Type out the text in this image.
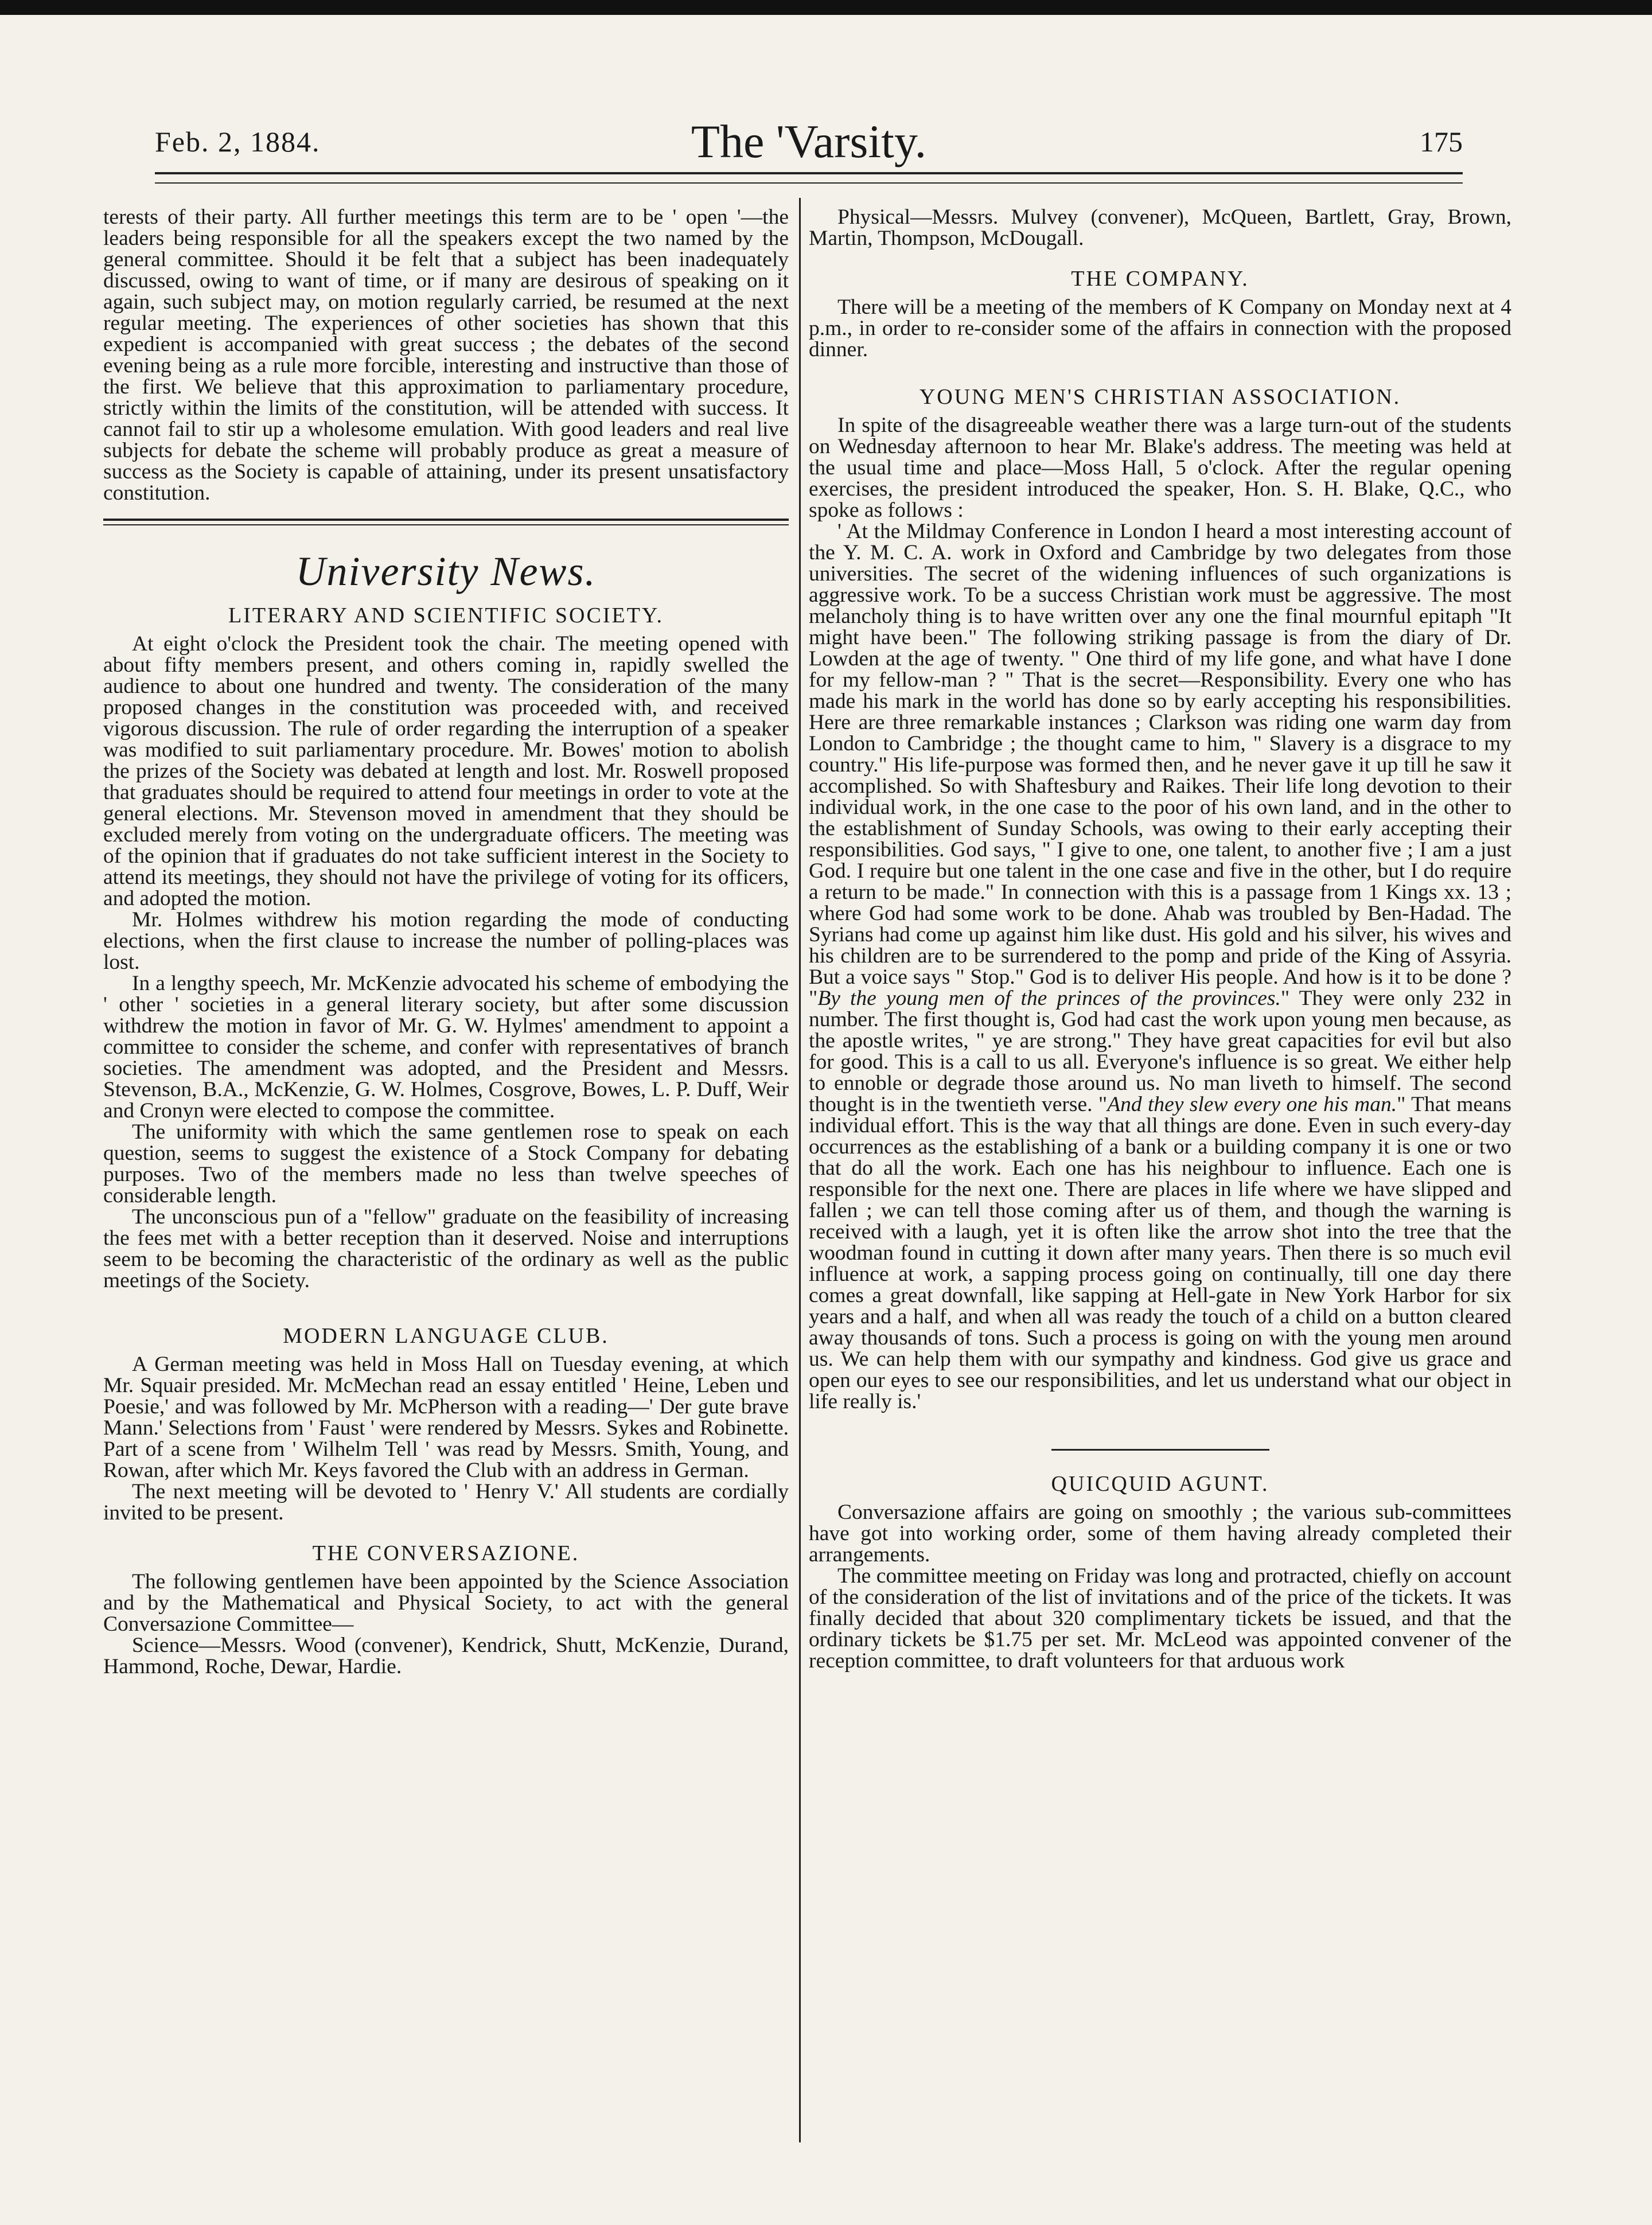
Feb. 2, 1884.	The 'Varsity.	175

terests of their party. All further meetings this term are to be ' open '—the leaders being responsible for all the speakers except the two named by the general committee. Should it be felt that a subject has been inadequately discussed, owing to want of time, or if many are desirous of speaking on it again, such subject may, on motion regularly carried, be resumed at the next regular meeting. The experiences of other societies has shown that this expedient is accompanied with great success ; the debates of the second evening being as a rule more forcible, interesting and instructive than those of the first. We believe that this approximation to parliamentary procedure, strictly within the limits of the constitution, will be attended with success. It cannot fail to stir up a wholesome emulation. With good leaders and real live subjects for debate the scheme will probably produce as great a measure of success as the Society is capable of attaining, under its present unsatisfactory constitution.

University News.
LITERARY AND SCIENTIFIC SOCIETY.

At eight o'clock the President took the chair. The meeting opened with about fifty members present, and others coming in, rapidly swelled the audience to about one hundred and twenty. The consideration of the many proposed changes in the constitution was proceeded with, and received vigorous discussion. The rule of order regarding the interruption of a speaker was modified to suit parliamentary procedure. Mr. Bowes' motion to abolish the prizes of the Society was debated at length and lost. Mr. Roswell proposed that graduates should be required to attend four meetings in order to vote at the general elections. Mr. Stevenson moved in amendment that they should be excluded merely from voting on the undergraduate officers. The meeting was of the opinion that if graduates do not take sufficient interest in the Society to attend its meetings, they should not have the privilege of voting for its officers, and adopted the motion.

Mr. Holmes withdrew his motion regarding the mode of conducting elections, when the first clause to increase the number of polling-places was lost.

In a lengthy speech, Mr. McKenzie advocated his scheme of embodying the ' other ' societies in a general literary society, but after some discussion withdrew the motion in favor of Mr. G. W. Hylmes' amendment to appoint a committee to consider the scheme, and confer with representatives of branch societies. The amendment was adopted, and the President and Messrs. Stevenson, B.A., McKenzie, G. W. Holmes, Cosgrove, Bowes, L. P. Duff, Weir and Cronyn were elected to compose the committee.

The uniformity with which the same gentlemen rose to speak on each question, seems to suggest the existence of a Stock Company for debating purposes. Two of the members made no less than twelve speeches of considerable length.

The unconscious pun of a "fellow" graduate on the feasibility of increasing the fees met with a better reception than it deserved. Noise and interruptions seem to be becoming the characteristic of the ordinary as well as the public meetings of the Society.

MODERN LANGUAGE CLUB.

A German meeting was held in Moss Hall on Tuesday evening, at which Mr. Squair presided. Mr. McMechan read an essay entitled ' Heine, Leben und Poesie,' and was followed by Mr. McPherson with a reading—' Der gute brave Mann.' Selections from ' Faust ' were rendered by Messrs. Sykes and Robinette. Part of a scene from ' Wilhelm Tell ' was read by Messrs. Smith, Young, and Rowan, after which Mr. Keys favored the Club with an address in German.

The next meeting will be devoted to ' Henry V.' All students are cordially invited to be present.

THE CONVERSAZIONE.

The following gentlemen have been appointed by the Science Association and by the Mathematical and Physical Society, to act with the general Conversazione Committee—

Science—Messrs. Wood (convener), Kendrick, Shutt, McKenzie, Durand, Hammond, Roche, Dewar, Hardie.

Physical—Messrs. Mulvey (convener), McQueen, Bartlett, Gray, Brown, Martin, Thompson, McDougall.

THE COMPANY.

There will be a meeting of the members of K Company on Monday next at 4 p.m., in order to re-consider some of the affairs in connection with the proposed dinner.

YOUNG MEN'S CHRISTIAN ASSOCIATION.

In spite of the disagreeable weather there was a large turn-out of the students on Wednesday afternoon to hear Mr. Blake's address. The meeting was held at the usual time and place—Moss Hall, 5 o'clock. After the regular opening exercises, the president introduced the speaker, Hon. S. H. Blake, Q.C., who spoke as follows :

' At the Mildmay Conference in London I heard a most interesting account of the Y. M. C. A. work in Oxford and Cambridge by two delegates from those universities. The secret of the widening influences of such organizations is aggressive work. To be a success Christian work must be aggressive. The most melancholy thing is to have written over any one the final mournful epitaph "It might have been." The following striking passage is from the diary of Dr. Lowden at the age of twenty. " One third of my life gone, and what have I done for my fellow-man ? " That is the secret—Responsibility. Every one who has made his mark in the world has done so by early accepting his responsibilities. Here are three remarkable instances ; Clarkson was riding one warm day from London to Cambridge ; the thought came to him, " Slavery is a disgrace to my country." His life-purpose was formed then, and he never gave it up till he saw it accomplished. So with Shaftesbury and Raikes. Their life long devotion to their individual work, in the one case to the poor of his own land, and in the other to the establishment of Sunday Schools, was owing to their early accepting their responsibilities. God says, " I give to one, one talent, to another five ; I am a just God. I require but one talent in the one case and five in the other, but I do require a return to be made." In connection with this is a passage from 1 Kings xx. 13 ; where God had some work to be done. Ahab was troubled by Ben-Hadad. The Syrians had come up against him like dust. His gold and his silver, his wives and his children are to be surrendered to the pomp and pride of the King of Assyria. But a voice says " Stop." God is to deliver His people. And how is it to be done ? "By the young men of the princes of the provinces." They were only 232 in number. The first thought is, God had cast the work upon young men because, as the apostle writes, " ye are strong." They have great capacities for evil but also for good. This is a call to us all. Everyone's influence is so great. We either help to ennoble or degrade those around us. No man liveth to himself. The second thought is in the twentieth verse. "And they slew every one his man." That means individual effort. This is the way that all things are done. Even in such every-day occurrences as the establishing of a bank or a building company it is one or two that do all the work. Each one has his neighbour to influence. Each one is responsible for the next one. There are places in life where we have slipped and fallen ; we can tell those coming after us of them, and though the warning is received with a laugh, yet it is often like the arrow shot into the tree that the woodman found in cutting it down after many years. Then there is so much evil influence at work, a sapping process going on continually, till one day there comes a great downfall, like sapping at Hell-gate in New York Harbor for six years and a half, and when all was ready the touch of a child on a button cleared away thousands of tons. Such a process is going on with the young men around us. We can help them with our sympathy and kindness. God give us grace and open our eyes to see our responsibilities, and let us understand what our object in life really is.'

QUICQUID AGUNT.

Conversazione affairs are going on smoothly ; the various sub-committees have got into working order, some of them having already completed their arrangements.

The committee meeting on Friday was long and protracted, chiefly on account of the consideration of the list of invitations and of the price of the tickets. It was finally decided that about 320 complimentary tickets be issued, and that the ordinary tickets be $1.75 per set. Mr. McLeod was appointed convener of the reception committee, to draft volunteers for that arduous work
